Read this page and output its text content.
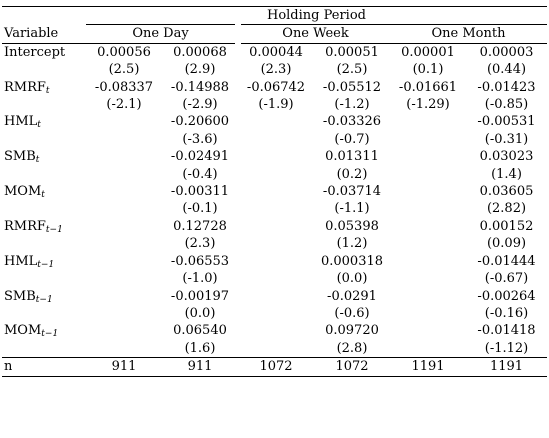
	Holding Period					
Variable	One Day		One Week		One Month	
Intercept	0.00056	0.00068	0.00044	0.00051	0.00001	0.00003
	(2.5)	(2.9)	(2.3)	(2.5)	(0.1)	(0.44)
$RMRF_t$	-0.08337	-0.14988	-0.06742	-0.05512	-0.01661	-0.01423
	(-2.1)	(-2.9)	(-1.9)	(-1.2)	(-1.29)	(-0.85)
$HML_t$		-0.20600		-0.03326		-0.00531
		(-3.6)		(-0.7)		(-0.31)
$SMB_t$		-0.02491		0.01311		0.03023
		(-0.4)		(0.2)		(1.4)
$MOM_t$		-0.00311		-0.03714		0.03605
		(-0.1)		(-1.1)		(2.82)
$RMRF_{t-1}$		0.12728		0.05398		0.00152
		(2.3)		(1.2)		(0.09)
$HML_{t-1}$		-0.06553		0.000318		-0.01444
		(-1.0)		(0.0)		(-0.67)
$SMB_{t-1}$		-0.00197		-0.0291		-0.00264
		(0.0)		(-0.6)		(-0.16)
$MOM_{t-1}$		0.06540		0.09720		-0.01418
		(1.6)		(2.8)		(-1.12)
n	911	911	1072	1072	1191	1191
